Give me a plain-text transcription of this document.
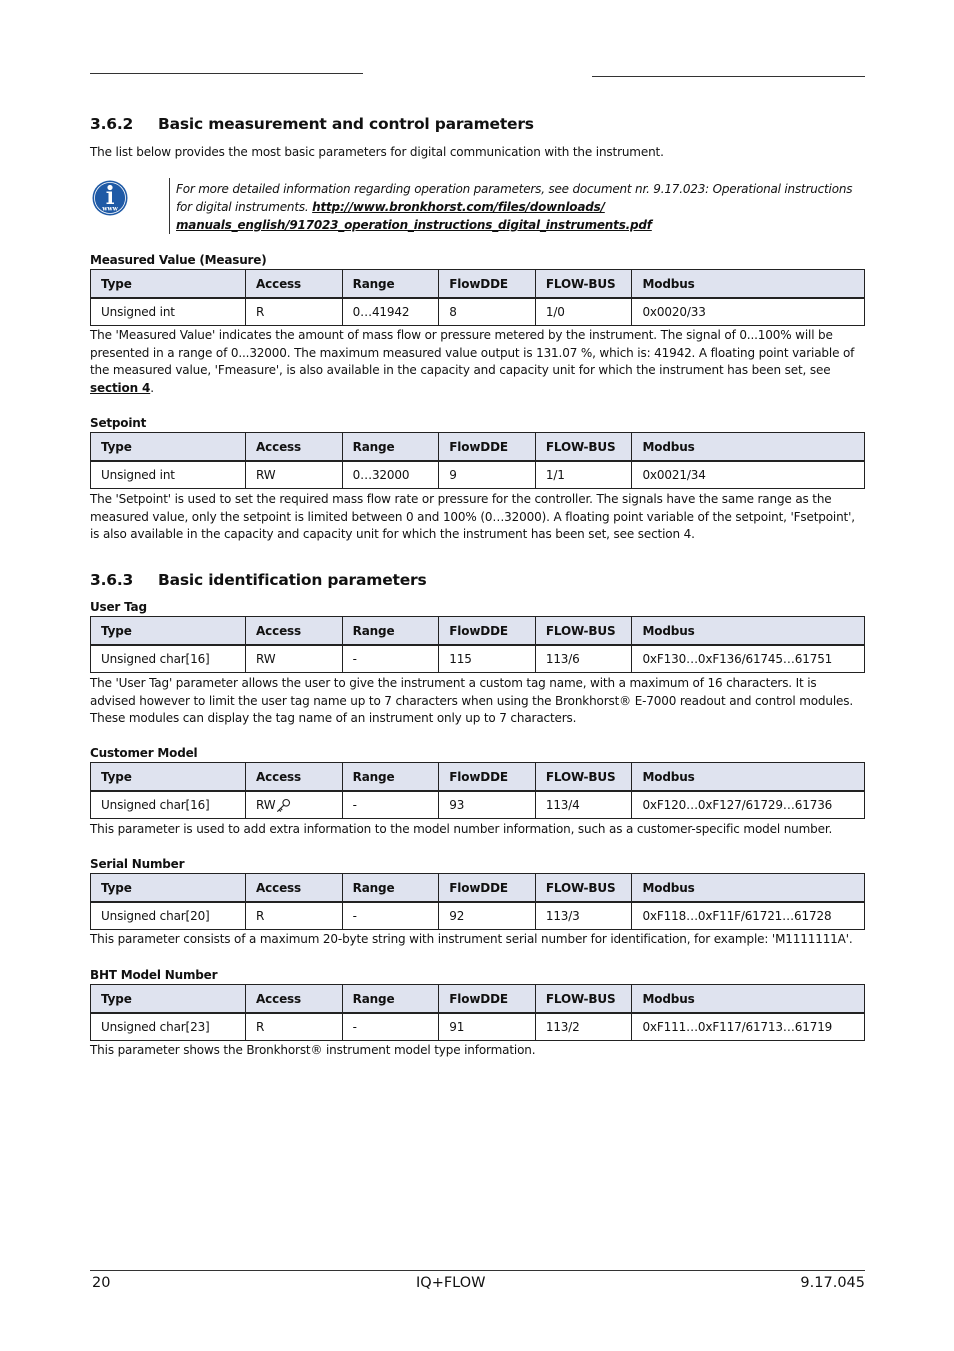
3.6.2 Basic measurement and control parameters
The list below provides the most basic parameters for digital communication with the instrument.
www
For more detailed information regarding operation parameters, see document nr. 9.17.023: Operational instructions for digital instruments. http://www.bronkhorst.com/files/downloads/
manuals_english/917023_operation_instructions_digital_instruments.pdf
Measured Value (Measure)
Type	Access	Range	FlowDDE	FLOW-BUS	Modbus
Unsigned int	R	0…41942	8	1/0	0x0020/33
The 'Measured Value' indicates the amount of mass flow or pressure metered by the instrument. The signal of 0...100% will be presented in a range of 0...32000. The maximum measured value output is 131.07 %, which is: 41942. A floating point variable of the measured value, 'Fmeasure', is also available in the capacity and capacity unit for which the instrument has been set, see section 4.
Setpoint
Type	Access	Range	FlowDDE	FLOW-BUS	Modbus
Unsigned int	RW	0…32000	9	1/1	0x0021/34
The 'Setpoint' is used to set the required mass flow rate or pressure for the controller. The signals have the same range as the measured value, only the setpoint is limited between 0 and 100% (0…32000). A floating point variable of the setpoint, 'Fsetpoint', is also available in the capacity and capacity unit for which the instrument has been set, see section 4.
3.6.3 Basic identification parameters
User Tag
Type	Access	Range	FlowDDE	FLOW-BUS	Modbus
Unsigned char[16]	RW	-	115	113/6	0xF130…0xF136/61745…61751
The 'User Tag' parameter allows the user to give the instrument a custom tag name, with a maximum of 16 characters. It is advised however to limit the user tag name up to 7 characters when using the Bronkhorst® E-7000 readout and control modules. These modules can display the tag name of an instrument only up to 7 characters.
Customer Model
Type	Access	Range	FlowDDE	FLOW-BUS	Modbus
Unsigned char[16]	RW	-	93	113/4	0xF120…0xF127/61729…61736
This parameter is used to add extra information to the model number information, such as a customer-specific model number.
Serial Number
Type	Access	Range	FlowDDE	FLOW-BUS	Modbus
Unsigned char[20]	R	-	92	113/3	0xF118…0xF11F/61721…61728
This parameter consists of a maximum 20-byte string with instrument serial number for identification, for example: 'M1111111A'.
BHT Model Number
Type	Access	Range	FlowDDE	FLOW-BUS	Modbus
Unsigned char[23]	R	-	91	113/2	0xF111…0xF117/61713…61719
This parameter shows the Bronkhorst® instrument model type information.
20	IQ+FLOW	9.17.045
